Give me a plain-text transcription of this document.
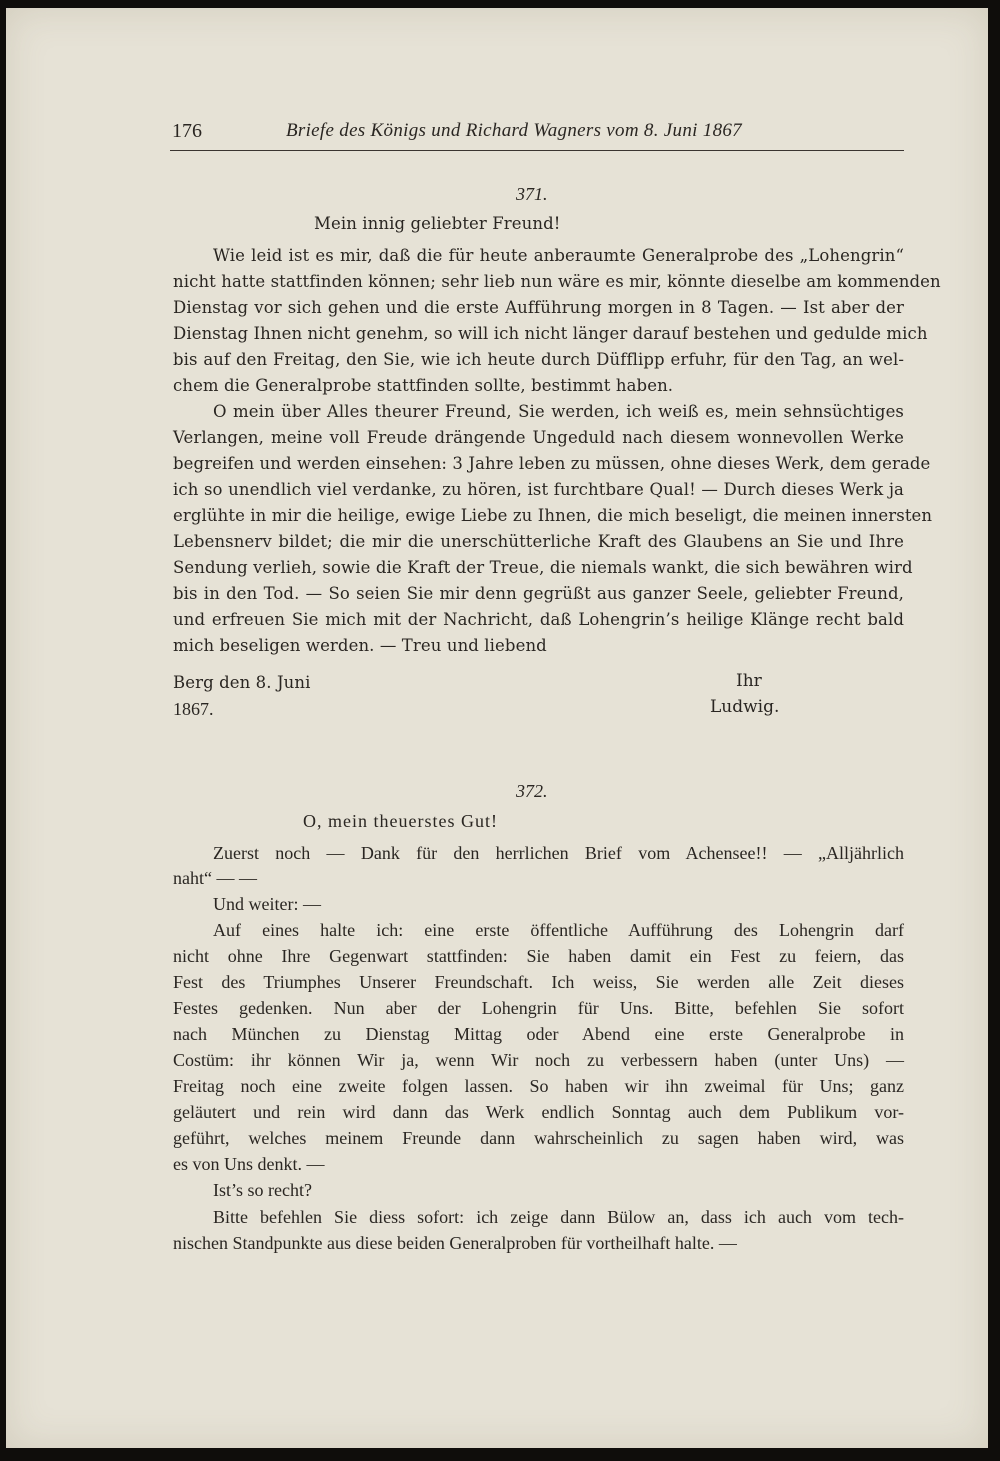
176	Briefe des Königs und Richard Wagners vom 8. Juni 1867
371.
Mein innig geliebter Freund!
Wie leid ist es mir, daß die für heute anberaumte Generalprobe des „Lohengrin“
nicht hatte stattfinden können; sehr lieb nun wäre es mir, könnte dieselbe am kommenden
Dienstag vor sich gehen und die erste Aufführung morgen in 8 Tagen. — Ist aber der
Dienstag Ihnen nicht genehm, so will ich nicht länger darauf bestehen und gedulde mich
bis auf den Freitag, den Sie, wie ich heute durch Düfflipp erfuhr, für den Tag, an wel-
chem die Generalprobe stattfinden sollte, bestimmt haben.
O mein über Alles theurer Freund, Sie werden, ich weiß es, mein sehnsüchtiges
Verlangen, meine voll Freude drängende Ungeduld nach diesem wonnevollen Werke
begreifen und werden einsehen: 3 Jahre leben zu müssen, ohne dieses Werk, dem gerade
ich so unendlich viel verdanke, zu hören, ist furchtbare Qual! — Durch dieses Werk ja
erglühte in mir die heilige, ewige Liebe zu Ihnen, die mich beseligt, die meinen innersten
Lebensnerv bildet; die mir die unerschütterliche Kraft des Glaubens an Sie und Ihre
Sendung verlieh, sowie die Kraft der Treue, die niemals wankt, die sich bewähren wird
bis in den Tod. — So seien Sie mir denn gegrüßt aus ganzer Seele, geliebter Freund,
und erfreuen Sie mich mit der Nachricht, daß Lohengrin’s heilige Klänge recht bald
mich beseligen werden. — Treu und liebend
Berg den 8. Juni
1867.
Ihr
Ludwig.
372.
O, mein theuerstes Gut!
Zuerst noch — Dank für den herrlichen Brief vom Achensee!! — „Alljährlich
naht“ — —
Und weiter: —
Auf eines halte ich: eine erste öffentliche Aufführung des Lohengrin darf
nicht ohne Ihre Gegenwart stattfinden: Sie haben damit ein Fest zu feiern, das
Fest des Triumphes Unserer Freundschaft. Ich weiss, Sie werden alle Zeit dieses
Festes gedenken. Nun aber der Lohengrin für Uns. Bitte, befehlen Sie sofort
nach München zu Dienstag Mittag oder Abend eine erste Generalprobe in
Costüm: ihr können Wir ja, wenn Wir noch zu verbessern haben (unter Uns) —
Freitag noch eine zweite folgen lassen. So haben wir ihn zweimal für Uns; ganz
geläutert und rein wird dann das Werk endlich Sonntag auch dem Publikum vor-
geführt, welches meinem Freunde dann wahrscheinlich zu sagen haben wird, was
es von Uns denkt. —
Ist’s so recht?
Bitte befehlen Sie diess sofort: ich zeige dann Bülow an, dass ich auch vom tech-
nischen Standpunkte aus diese beiden Generalproben für vortheilhaft halte. —
